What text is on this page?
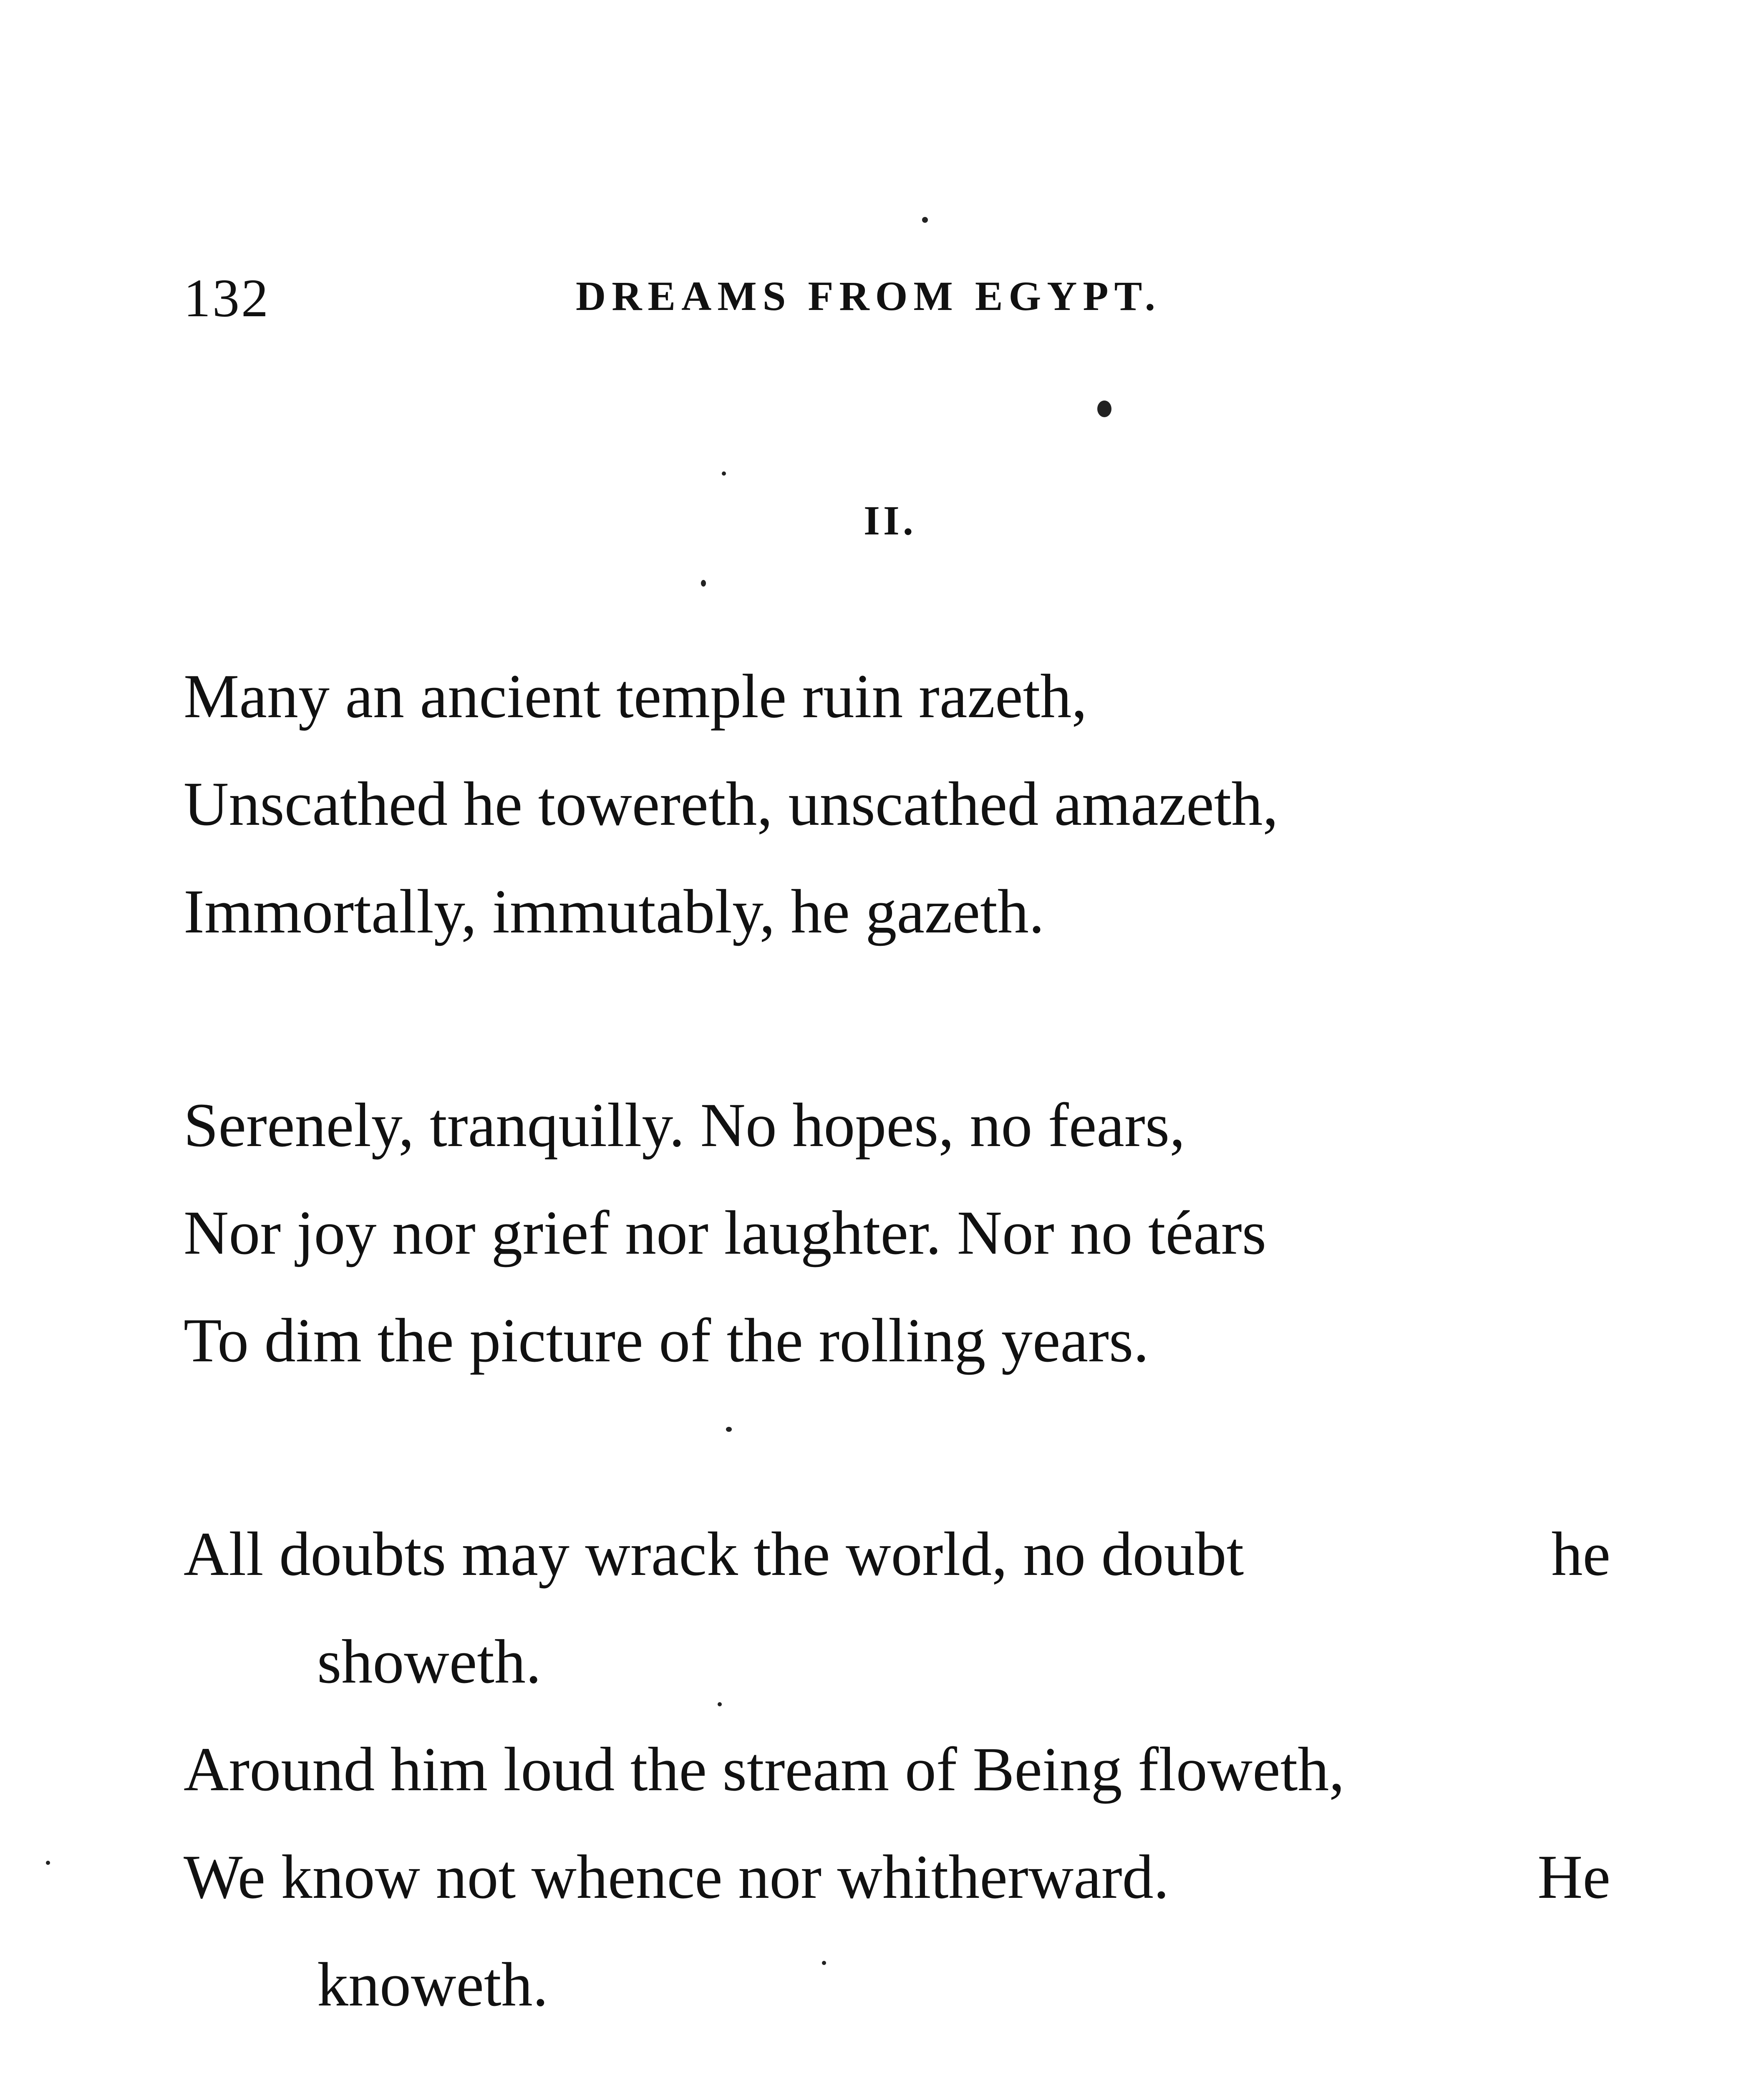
132	DREAMS FROM EGYPT.
II.
Many an ancient temple ruin razeth,
Unscathed he towereth, unscathed amazeth,
Immortally, immutably, he gazeth.
Serenely, tranquilly. No hopes, no fears,
Nor joy nor grief nor laughter. Nor no téars
To dim the picture of the rolling years.
All doubts may wrack the world, no doubt	he
showeth.
Around him loud the stream of Being floweth,
We know not whence nor whitherward.	He
knoweth.
